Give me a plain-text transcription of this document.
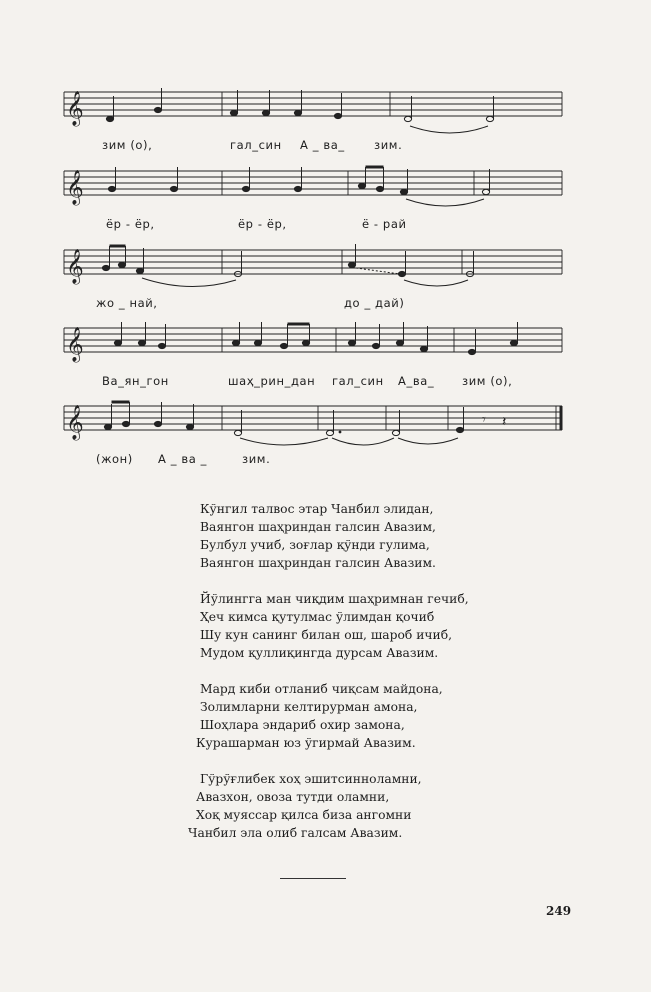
𝄞
зим (о),	гал_син А _ ва_	зим.
𝄞
ёр - ёр,	ёр - ёр,	ё - рай
𝄞
жо _ най,	до _ дай)
𝄞
Ва_ян_гон	шаҳ_рин_дан гал_син А_ва_ зим (о),
𝄞	𝄾 𝄽
(жон) А _ ва _	зим.
Кўнгил талвос этар Чанбил элидан,
Ваянгон шаҳриндан галсин Авазим,
Булбул учиб, зоғлар қўнди гулима,
Ваянгон шаҳриндан галсин Авазим.
Йўлингга ман чиқдим шаҳримнан гечиб,
Ҳеч кимса қутулмас ўлимдан қочиб
Шу кун санинг билан ош, шароб ичиб,
Мудом қуллиқингда дурсам Авазим.
Мард киби отланиб чиқсам майдона,
Золимларни келтирурман амона,
Шоҳлара эндариб охир замона,
Курашарман юз ўгирмай Авазим.
Гўрўғлибек хоҳ эшитсинноламни,
Авазхон, овоза тутди оламни,
Хоқ муяссар қилса биза ангомни
Чанбил эла олиб галсам Авазим.
249
